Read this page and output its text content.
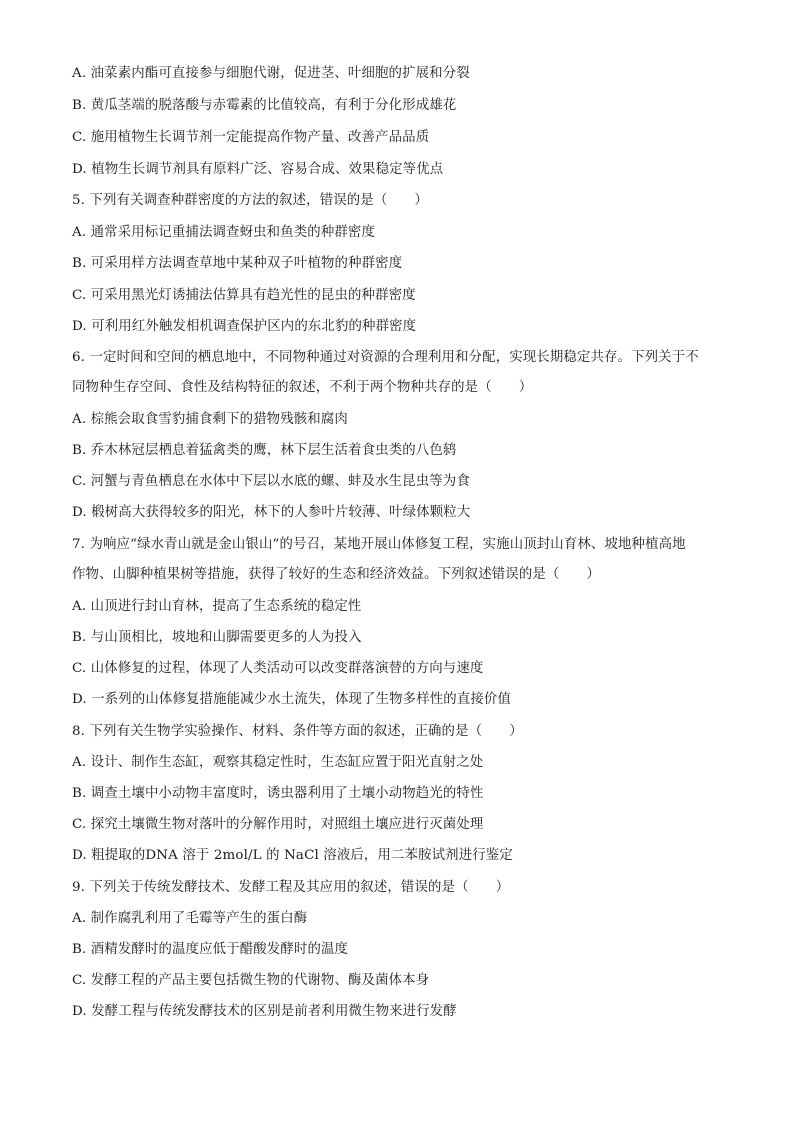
A. 油菜素内酯可直接参与细胞代谢，促进茎、叶细胞的扩展和分裂
B. 黄瓜茎端的脱落酸与赤霉素的比值较高，有利于分化形成雄花
C. 施用植物生长调节剂一定能提高作物产量、改善产品品质
D. 植物生长调节剂具有原料广泛、容易合成、效果稳定等优点
5. 下列有关调查种群密度的方法的叙述，错误的是（　　）
A. 通常采用标记重捕法调查蚜虫和鱼类的种群密度
B. 可采用样方法调查草地中某种双子叶植物的种群密度
C. 可采用黑光灯诱捕法估算具有趋光性的昆虫的种群密度
D. 可利用红外触发相机调查保护区内的东北豹的种群密度
6. 一定时间和空间的栖息地中，不同物种通过对资源的合理利用和分配，实现长期稳定共存。下列关于不
同物种生存空间、食性及结构特征的叙述，不利于两个物种共存的是（　　）
A. 棕熊会取食雪豹捕食剩下的猎物残骸和腐肉
B. 乔木林冠层栖息着猛禽类的鹰，林下层生活着食虫类的八色鸫
C. 河蟹与青鱼栖息在水体中下层以水底的螺、蚌及水生昆虫等为食
D. 椴树高大获得较多的阳光，林下的人参叶片较薄、叶绿体颗粒大
7. 为响应“绿水青山就是金山银山”的号召，某地开展山体修复工程，实施山顶封山育林、坡地种植高地
作物、山脚种植果树等措施，获得了较好的生态和经济效益。下列叙述错误的是（　　）
A. 山顶进行封山育林，提高了生态系统的稳定性
B. 与山顶相比，坡地和山脚需要更多的人为投入
C. 山体修复的过程，体现了人类活动可以改变群落演替的方向与速度
D. 一系列的山体修复措施能减少水土流失，体现了生物多样性的直接价值
8. 下列有关生物学实验操作、材料、条件等方面的叙述，正确的是（　　）
A. 设计、制作生态缸，观察其稳定性时，生态缸应置于阳光直射之处
B. 调查土壤中小动物丰富度时，诱虫器利用了土壤小动物趋光的特性
C. 探究土壤微生物对落叶的分解作用时，对照组土壤应进行灭菌处理
D. 粗提取的DNA 溶于 2mol/L 的 NaCl 溶液后，用二苯胺试剂进行鉴定
9. 下列关于传统发酵技术、发酵工程及其应用的叙述，错误的是（　　）
A. 制作腐乳利用了毛霉等产生的蛋白酶
B. 酒精发酵时的温度应低于醋酸发酵时的温度
C. 发酵工程的产品主要包括微生物的代谢物、酶及菌体本身
D. 发酵工程与传统发酵技术的区别是前者利用微生物来进行发酵
